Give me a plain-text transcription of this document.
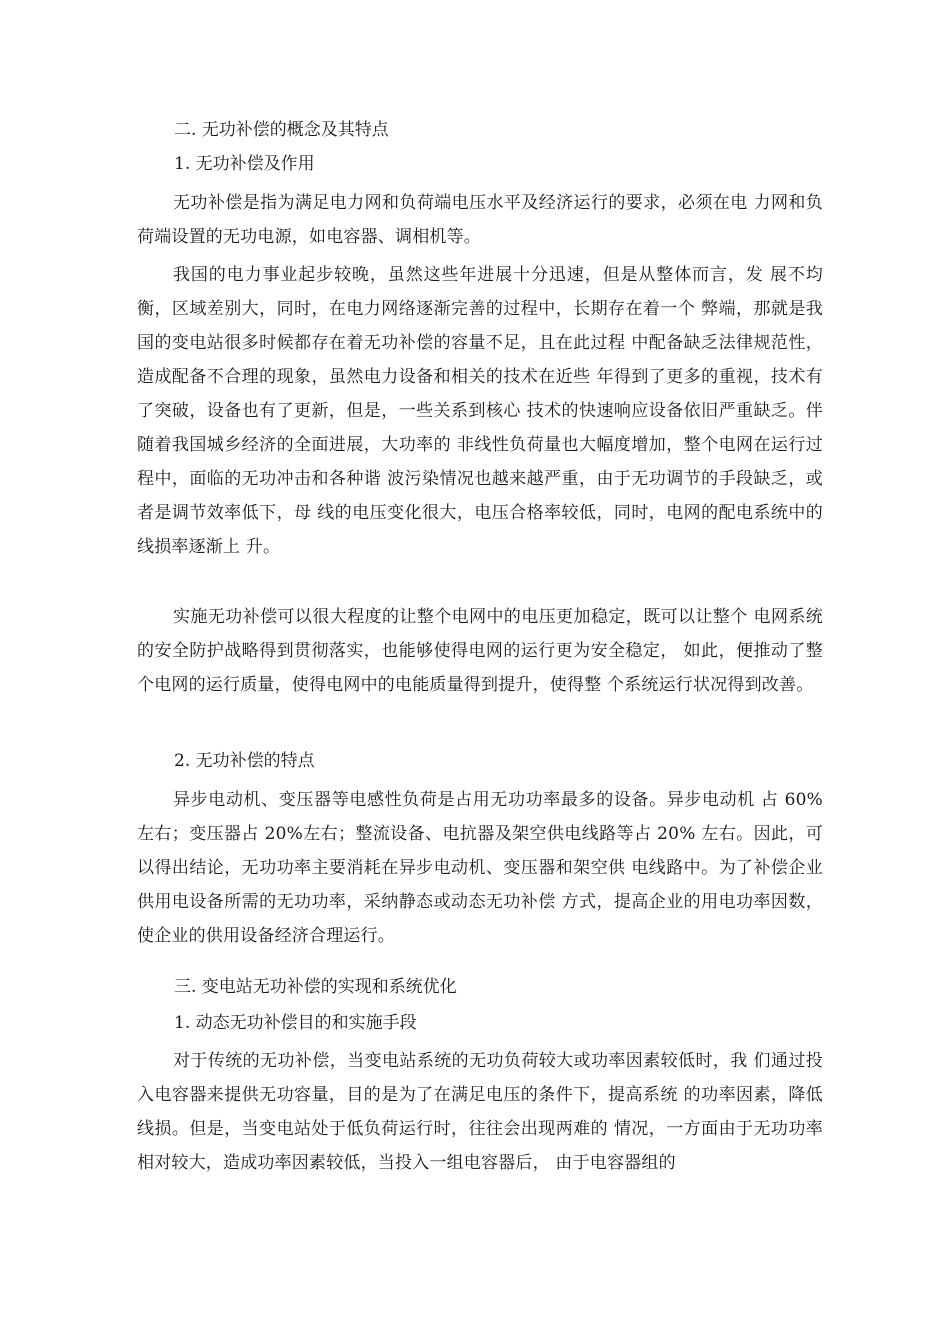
二. 无功补偿的概念及其特点

1. 无功补偿及作用

无功补偿是指为满足电力网和负荷端电压水平及经济运行的要求，必须在电 力网和负荷端设置的无功电源，如电容器、调相机等。

我国的电力事业起步较晚，虽然这些年进展十分迅速，但是从整体而言，发 展不均衡，区域差别大，同时，在电力网络逐渐完善的过程中，长期存在着一个 弊端，那就是我国的变电站很多时候都存在着无功补偿的容量不足，且在此过程 中配备缺乏法律规范性，造成配备不合理的现象，虽然电力设备和相关的技术在近些 年得到了更多的重视，技术有了突破，设备也有了更新，但是，一些关系到核心 技术的快速响应设备依旧严重缺乏。伴随着我国城乡经济的全面进展，大功率的 非线性负荷量也大幅度增加，整个电网在运行过程中，面临的无功冲击和各种谐 波污染情况也越来越严重，由于无功调节的手段缺乏，或者是调节效率低下，母 线的电压变化很大，电压合格率较低，同时，电网的配电系统中的线损率逐渐上 升。

实施无功补偿可以很大程度的让整个电网中的电压更加稳定，既可以让整个 电网系统的安全防护战略得到贯彻落实，也能够使得电网的运行更为安全稳定， 如此，便推动了整个电网的运行质量，使得电网中的电能质量得到提升，使得整 个系统运行状况得到改善。

2. 无功补偿的特点

异步电动机、变压器等电感性负荷是占用无功功率最多的设备。异步电动机 占 60%左右；变压器占 20%左右；整流设备、电抗器及架空供电线路等占 20% 左右。因此，可以得出结论，无功功率主要消耗在异步电动机、变压器和架空供 电线路中。为了补偿企业供用电设备所需的无功功率，采纳静态或动态无功补偿 方式，提高企业的用电功率因数，使企业的供用设备经济合理运行。

三. 变电站无功补偿的实现和系统优化

1. 动态无功补偿目的和实施手段

对于传统的无功补偿，当变电站系统的无功负荷较大或功率因素较低时，我 们通过投入电容器来提供无功容量，目的是为了在满足电压的条件下，提高系统 的功率因素，降低线损。但是，当变电站处于低负荷运行时，往往会出现两难的 情况，一方面由于无功功率相对较大，造成功率因素较低，当投入一组电容器后， 由于电容器组的
